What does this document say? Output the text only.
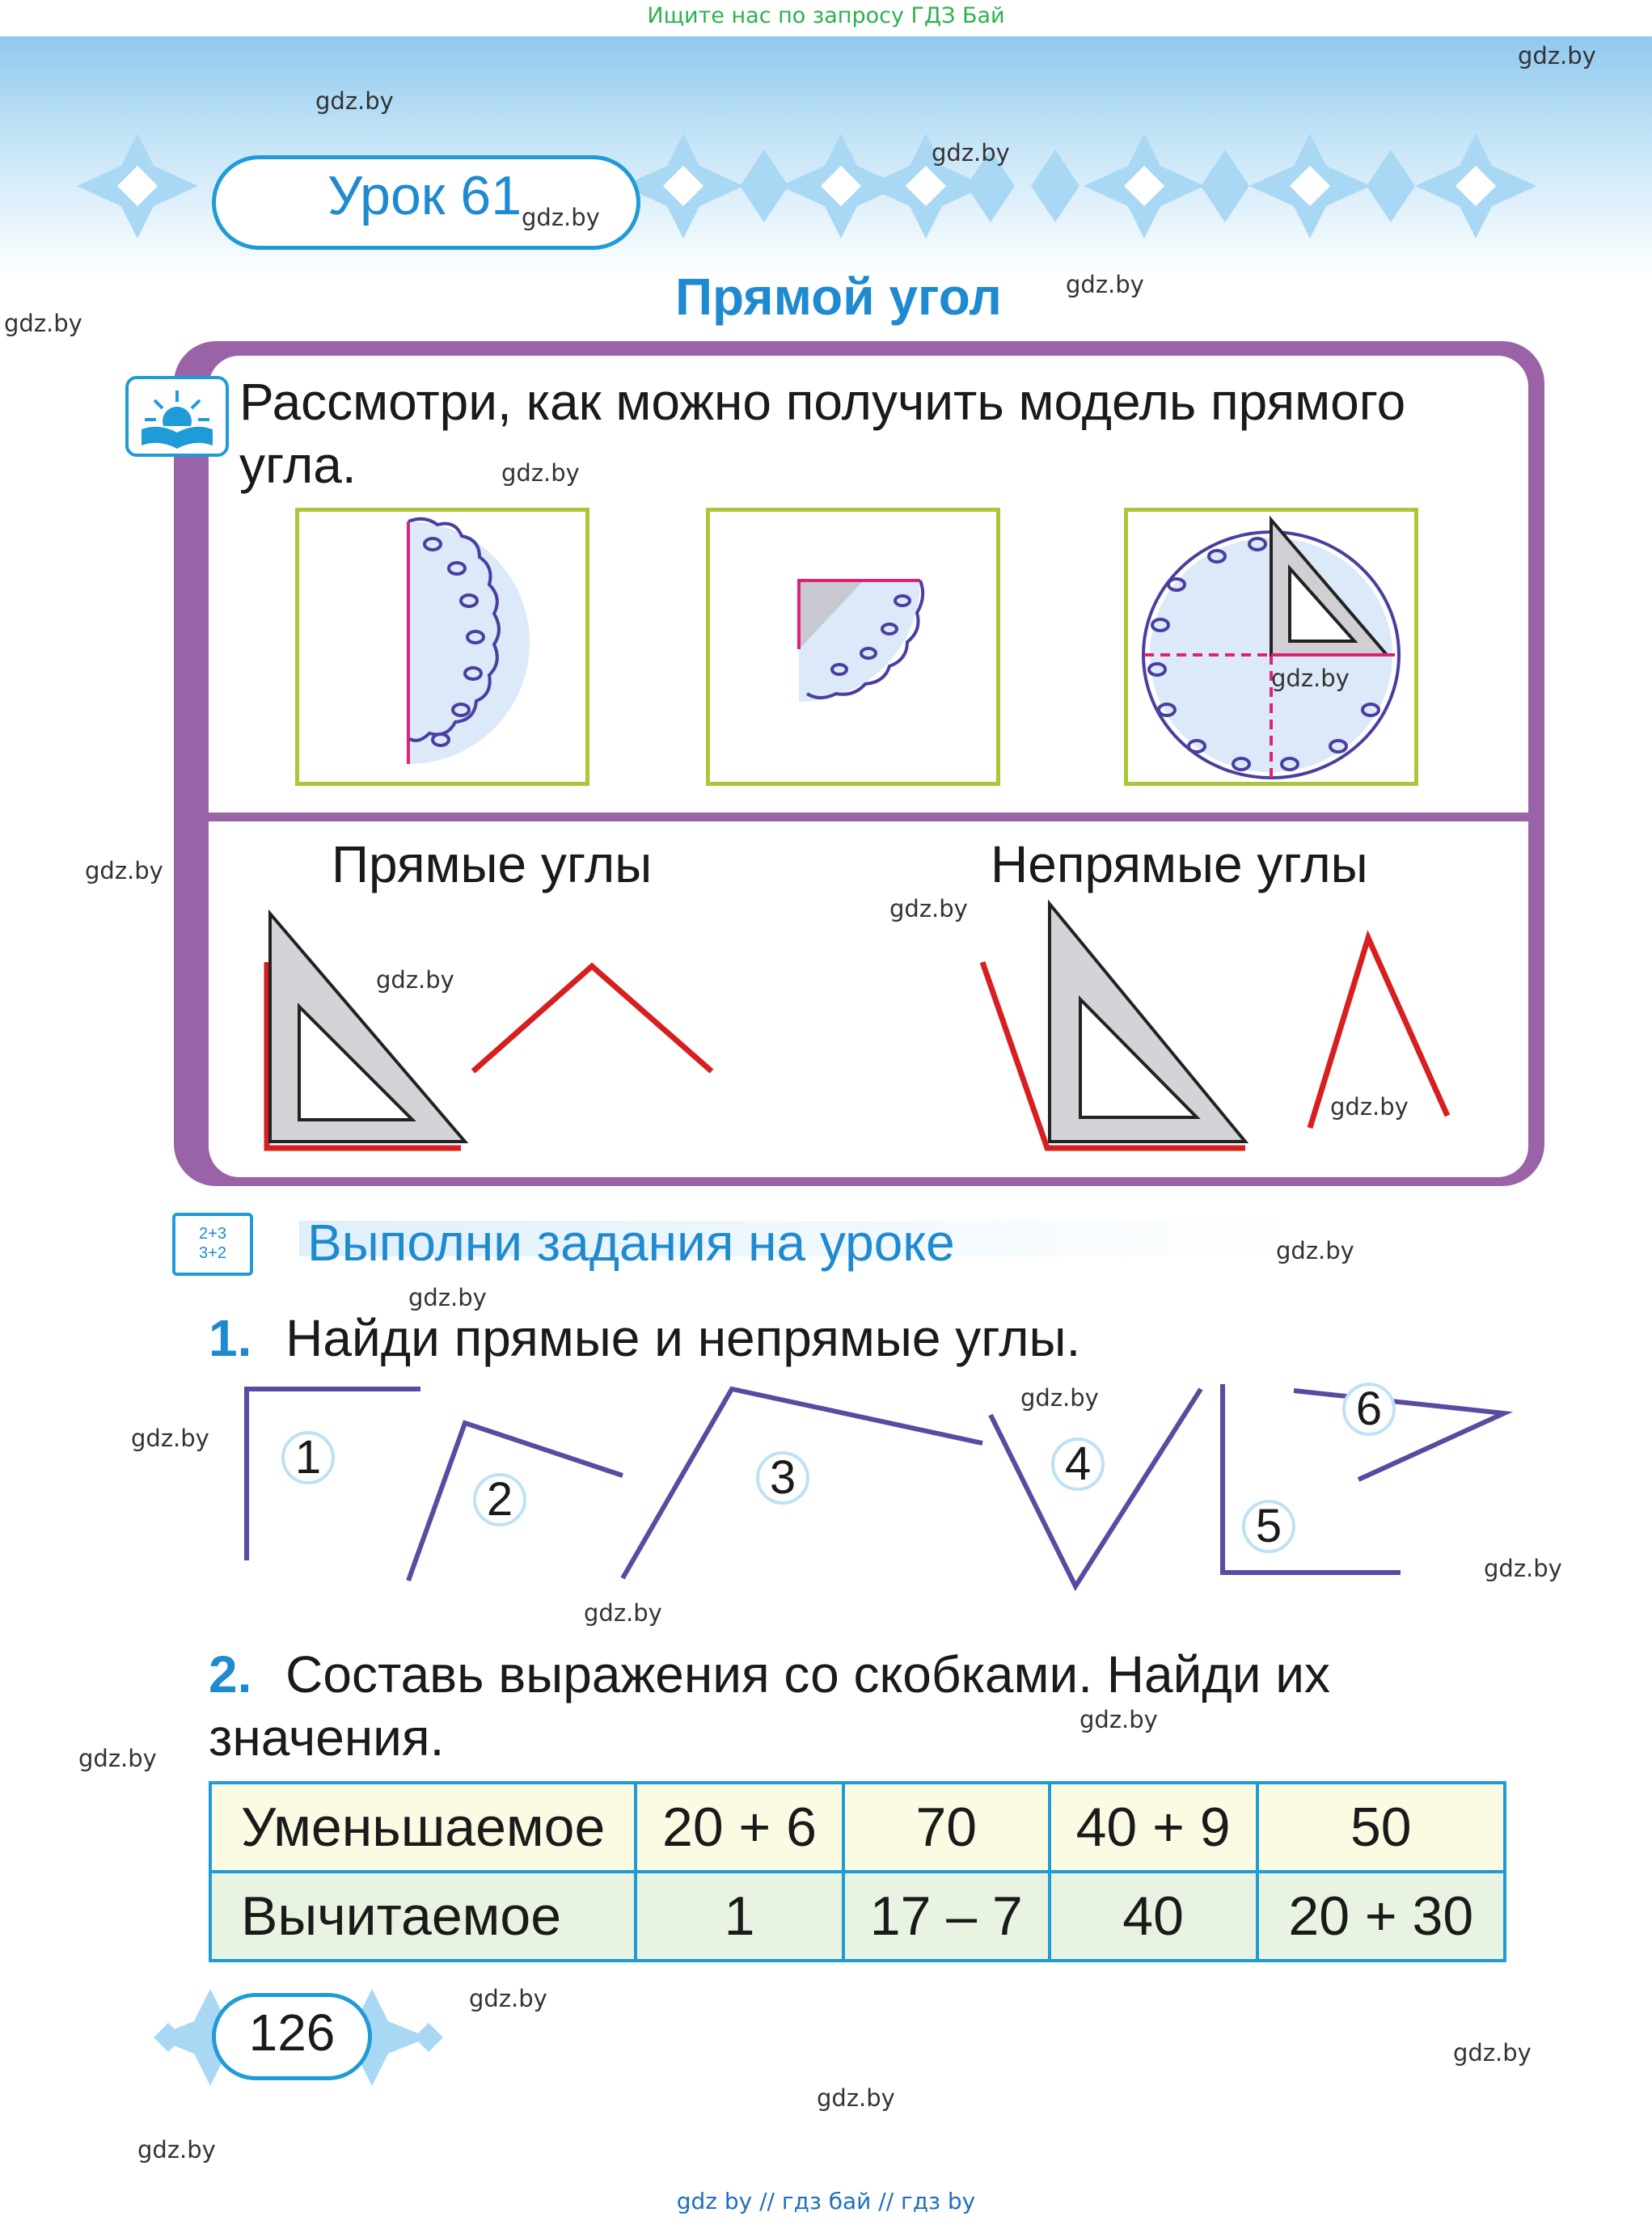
Ищите нас по запросу ГДЗ Бай
Урок 61
Прямой угол
Рассмотри, как можно получить модель прямого угла.
Прямые углы	Непрямые углы
2+3
3+2	Выполни задания на уроке
1. Найди прямые и непрямые углы.
1
2	3	4
5
6
2. Составь выражения со скобками. Найди их значения.
Уменьшаемое	20 + 6	70	40 + 9	50
Вычитаемое	1	17 – 7	40	20 + 30
126
gdz.by
gdz.by
gdz.by
gdz.by
gdz.by
gdz.by
gdz.by
gdz.by
gdz.by
gdz.by
gdz.by
gdz.by
gdz.by
gdz.by
gdz.by
gdz.by
gdz.by
gdz.by
gdz.by
gdz.by
gdz.by
gdz.by
gdz.by
gdz.by
gdz by // гдз бай // гдз by
